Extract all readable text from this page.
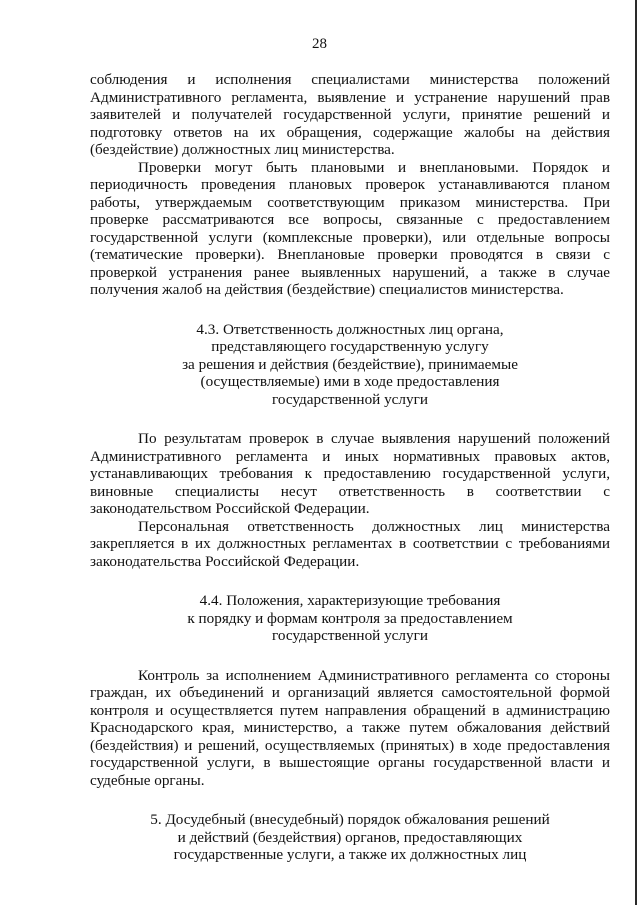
28

соблюдения и исполнения специалистами министерства положений Административного регламента, выявление и устранение нарушений прав заявителей и получателей государственной услуги, принятие решений и подготовку ответов на их обращения, содержащие жалобы на действия (бездействие) должностных лиц министерства.

Проверки могут быть плановыми и внеплановыми. Порядок и периодичность проведения плановых проверок устанавливаются планом работы, утверждаемым соответствующим приказом министерства. При проверке рассматриваются все вопросы, связанные с предоставлением государственной услуги (комплексные проверки), или отдельные вопросы (тематические проверки). Внеплановые проверки проводятся в связи с проверкой устранения ранее выявленных нарушений, а также в случае получения жалоб на действия (бездействие) специалистов министерства.

4.3. Ответственность должностных лиц органа,
представляющего государственную услугу
за решения и действия (бездействие), принимаемые
(осуществляемые) ими в ходе предоставления
государственной услуги

По результатам проверок в случае выявления нарушений положений Административного регламента и иных нормативных правовых актов, устанавливающих требования к предоставлению государственной услуги, виновные специалисты несут ответственность в соответствии с законодательством Российской Федерации.

Персональная ответственность должностных лиц министерства закрепляется в их должностных регламентах в соответствии с требованиями законодательства Российской Федерации.

4.4. Положения, характеризующие требования
к порядку и формам контроля за предоставлением
государственной услуги

Контроль за исполнением Административного регламента со стороны граждан, их объединений и организаций является самостоятельной формой контроля и осуществляется путем направления обращений в администрацию Краснодарского края, министерство, а также путем обжалования действий (бездействия) и решений, осуществляемых (принятых) в ходе предоставления государственной услуги, в вышестоящие органы государственной власти и судебные органы.

5. Досудебный (внесудебный) порядок обжалования решений
и действий (бездействия) органов, предоставляющих
государственные услуги, а также их должностных лиц
